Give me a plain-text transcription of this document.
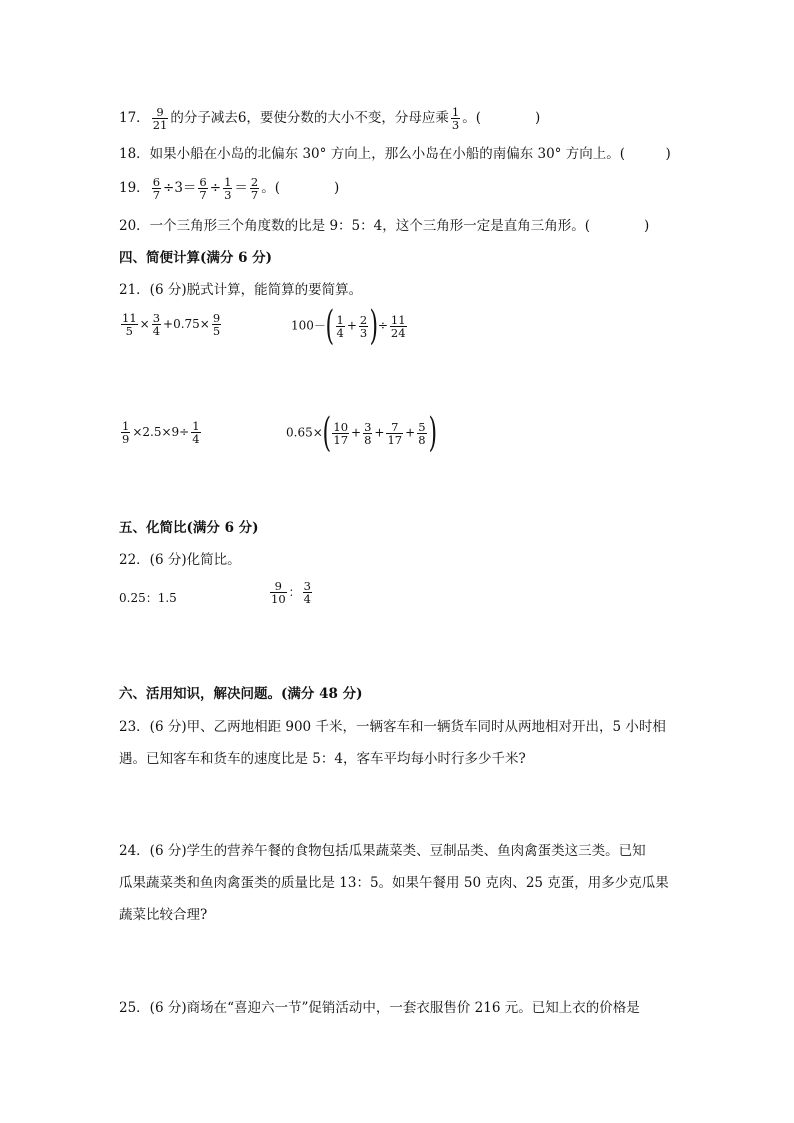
17． $\frac{9}{21}$ 的分子减去6，要使分数的大小不变，分母应乘 $\frac{1}{3}$ 。(　　　　)
18．如果小船在小岛的北偏东 30° 方向上，那么小岛在小船的南偏东 30° 方向上。(　　　)
19． $\frac{6}{7} \div 3= \frac{6}{7} \div \frac{1}{3} = \frac{2}{7}$ 。(　　　　)
20．一个三角形三个角度数的比是 9：5：4，这个三角形一定是直角三角形。(　　　　)
四、简便计算(满分 6 分)
21．(6 分)脱式计算，能简算的要简算。
$\frac{11}{5} \times \frac{3}{4} +0.75\times \frac{9}{5}$	$100-( \frac{1}{4} + \frac{2}{3}$ )÷ $\frac{11}{24}$
$\frac{1}{9} \times 2.5\times 9\div \frac{1}{4}$	$0.65\times( \frac{10}{17} + \frac{3}{8} + \frac{7}{17} + \frac{5}{8}$ )
五、化简比(满分 6 分)
22．(6 分)化简比。
0.25：1.5	$\frac{9}{10}$ ： $\frac{3}{4}$
六、活用知识，解决问题。(满分 48 分)
23．(6 分)甲、乙两地相距 900 千米，一辆客车和一辆货车同时从两地相对开出，5 小时相
遇。已知客车和货车的速度比是 5：4，客车平均每小时行多少千米?
24．(6 分)学生的营养午餐的食物包括瓜果蔬菜类、豆制品类、鱼肉禽蛋类这三类。已知
瓜果蔬菜类和鱼肉禽蛋类的质量比是 13：5。如果午餐用 50 克肉、25 克蛋，用多少克瓜果
蔬菜比较合理?
25．(6 分)商场在“喜迎六一节”促销活动中，一套衣服售价 216 元。已知上衣的价格是
